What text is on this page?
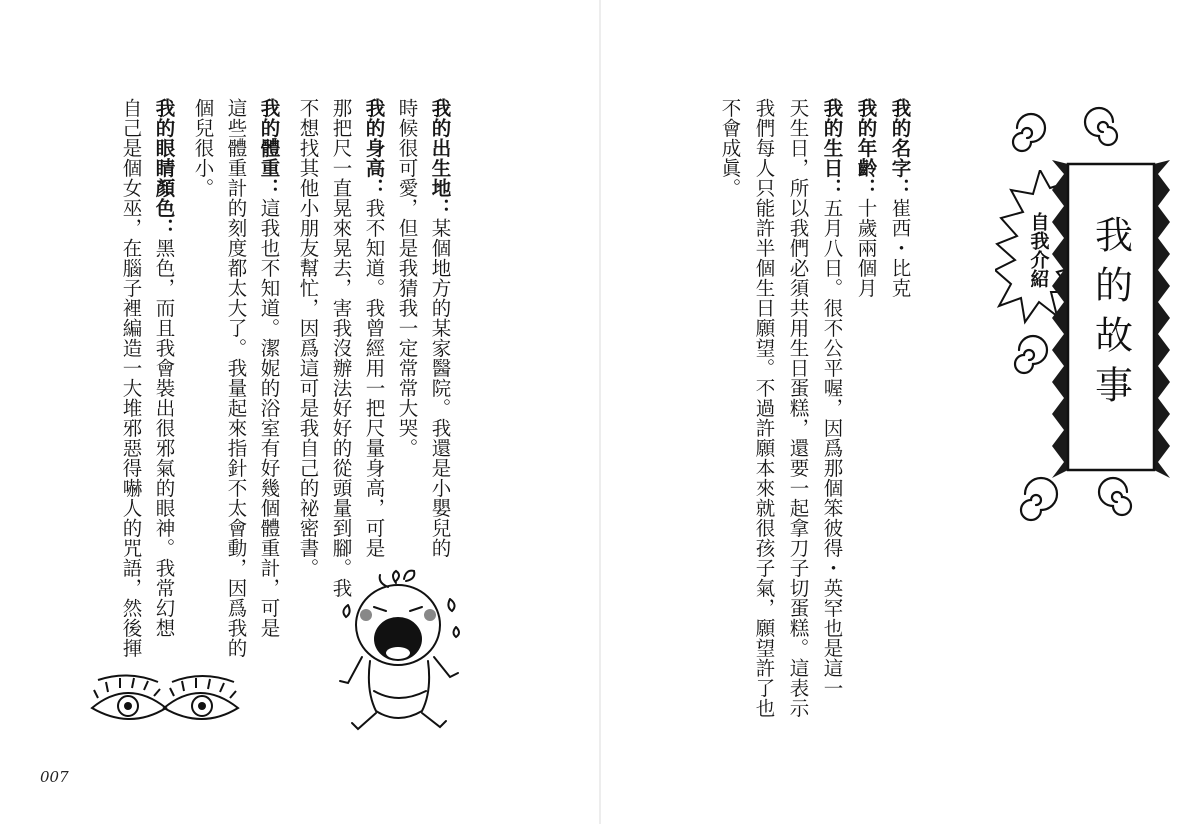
我的出生地：某個地方的某家醫院。我還是小嬰兒的
時候很可愛，但是我猜我一定常常大哭。
我的身高：我不知道。我曾經用一把尺量身高，可是
那把尺一直晃來晃去，害我沒辦法好好的從頭量到腳。我
不想找其他小朋友幫忙，因爲這可是我自己的祕密書。
我的體重：這我也不知道。潔妮的浴室有好幾個體重計，可是
這些體重計的刻度都太大了。我量起來指針不太會動，因爲我的
個兒很小。
我的眼睛顏色：黑色，而且我會裝出很邪氣的眼神。我常幻想
自己是個女巫，在腦子裡編造一大堆邪惡得嚇人的咒語，然後揮
007
我的名字：崔西・比克
我的年齡：十歲兩個月
我的生日：五月八日。很不公平喔，因爲那個笨彼得・英罕也是這一
天生日，所以我們必須共用生日蛋糕，還要一起拿刀子切蛋糕。這表示
我們每人只能許半個生日願望。不過許願本來就很孩子氣，願望許了也
不會成眞。
自我介紹	我的故事
